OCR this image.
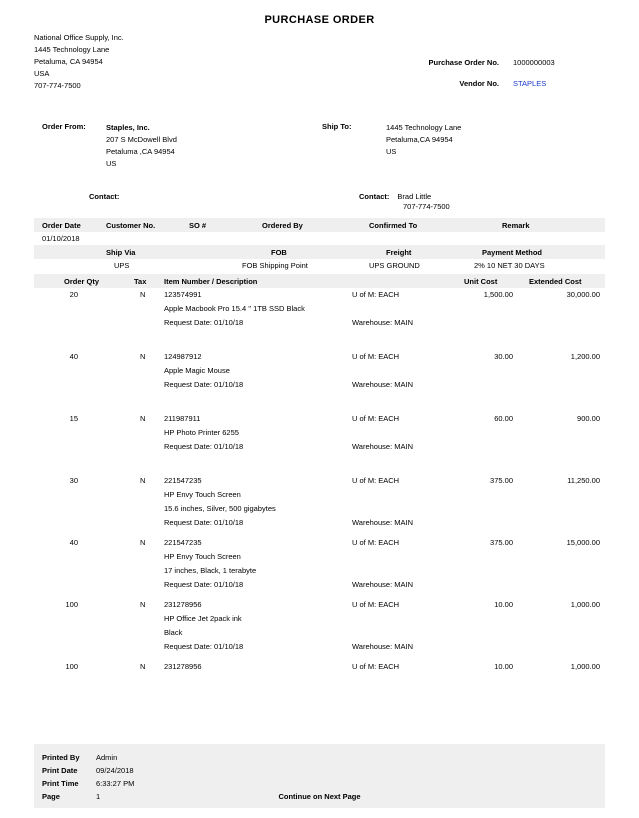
PURCHASE ORDER
National Office Supply, Inc.
1445 Technology Lane
Petaluma, CA 94954
USA
707-774-7500
Purchase Order No. 1000000003
Vendor No. STAPLES
Order From:	Staples, Inc.
207 S McDowell Blvd
Petaluma ,CA 94954
US
Ship To:	1445 Technology Lane
Petaluma,CA 94954
US
Contact:	Contact: Brad Little
707-774-7500
Order Date	Customer No.	SO #	Ordered By	Confirmed To	Remark
01/10/2018
Ship Via	FOB	Freight	Payment Method
UPS	FOB Shipping Point	UPS GROUND	2% 10 NET 30 DAYS
Order Qty	Tax Item Number / Description	Unit Cost	Extended Cost
20	N 123574991
Apple Macbook Pro 15.4 '' 1TB SSD Black
Request Date: 01/10/18
U of M: EACH
Warehouse: MAIN
1,500.00	30,000.00
40	N 124987912
Apple Magic Mouse
Request Date: 01/10/18
U of M: EACH
Warehouse: MAIN
30.00	1,200.00
15	N 211987911
HP Photo Printer 6255
Request Date: 01/10/18
U of M: EACH
Warehouse: MAIN
60.00	900.00
30	N 221547235
HP Envy Touch Screen
15.6 inches, Silver, 500 gigabytes
Request Date: 01/10/18
U of M: EACH
Warehouse: MAIN
375.00	11,250.00
40	N 221547235
HP Envy Touch Screen
17 inches, Black, 1 terabyte
Request Date: 01/10/18
U of M: EACH
Warehouse: MAIN
375.00	15,000.00
100	N 231278956
HP Office Jet 2pack ink
Black
Request Date: 01/10/18
U of M: EACH
Warehouse: MAIN
10.00	1,000.00
100	N 231278956	U of M: EACH	10.00	1,000.00
Printed By Admin
Print Date 09/24/2018
Print Time 6:33:27 PM
Page	1	Continue on Next Page
